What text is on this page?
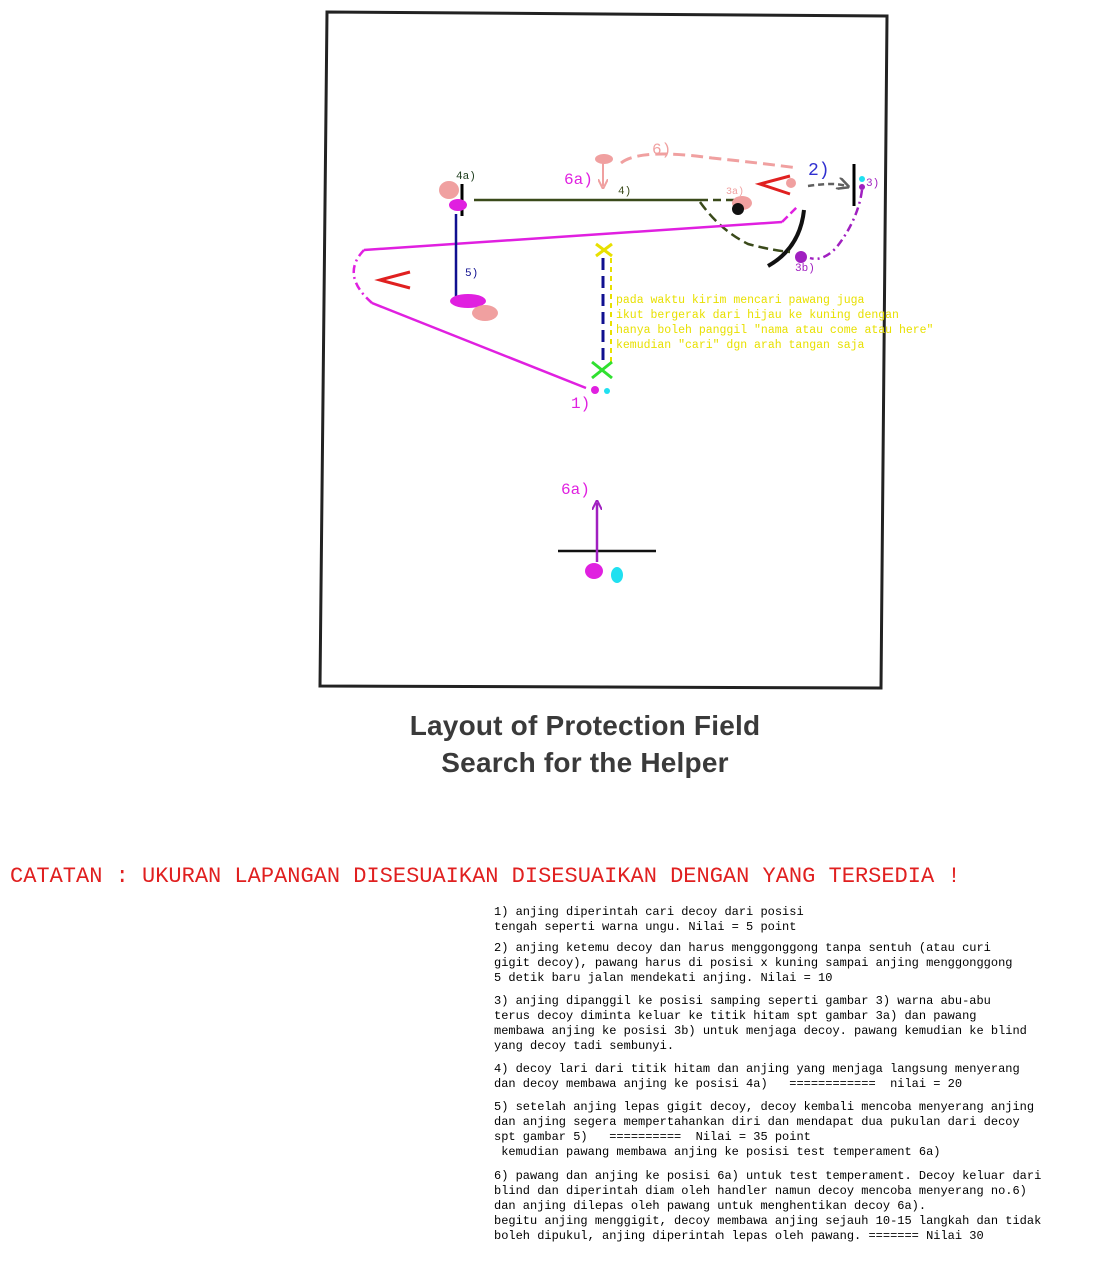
6)
2)
3)
4a)
4)	3a)
6a)
3b)
5)
1)
6a)
pada waktu kirim mencari pawang juga
ikut bergerak dari hijau ke kuning dengan
hanya boleh panggil "nama atau come atau here"
kemudian "cari" dgn arah tangan saja
Layout of Protection Field
Search for the Helper
CATATAN : UKURAN LAPANGAN DISESUAIKAN DISESUAIKAN DENGAN YANG TERSEDIA !
1) anjing diperintah cari decoy dari posisi
tengah seperti warna ungu. Nilai = 5 point
2) anjing ketemu decoy dan harus menggonggong tanpa sentuh (atau curi
gigit decoy), pawang harus di posisi x kuning sampai anjing menggonggong
5 detik baru jalan mendekati anjing. Nilai = 10
3) anjing dipanggil ke posisi samping seperti gambar 3) warna abu-abu
terus decoy diminta keluar ke titik hitam spt gambar 3a) dan pawang
membawa anjing ke posisi 3b) untuk menjaga decoy. pawang kemudian ke blind
yang decoy tadi sembunyi.
4) decoy lari dari titik hitam dan anjing yang menjaga langsung menyerang
dan decoy membawa anjing ke posisi 4a)   ============  nilai = 20
5) setelah anjing lepas gigit decoy, decoy kembali mencoba menyerang anjing
dan anjing segera mempertahankan diri dan mendapat dua pukulan dari decoy
spt gambar 5)   ==========  Nilai = 35 point
kemudian pawang membawa anjing ke posisi test temperament 6a)
6) pawang dan anjing ke posisi 6a) untuk test temperament. Decoy keluar dari
blind dan diperintah diam oleh handler namun decoy mencoba menyerang no.6)
dan anjing dilepas oleh pawang untuk menghentikan decoy 6a).
begitu anjing menggigit, decoy membawa anjing sejauh 10-15 langkah dan tidak
boleh dipukul, anjing diperintah lepas oleh pawang. ======= Nilai 30
